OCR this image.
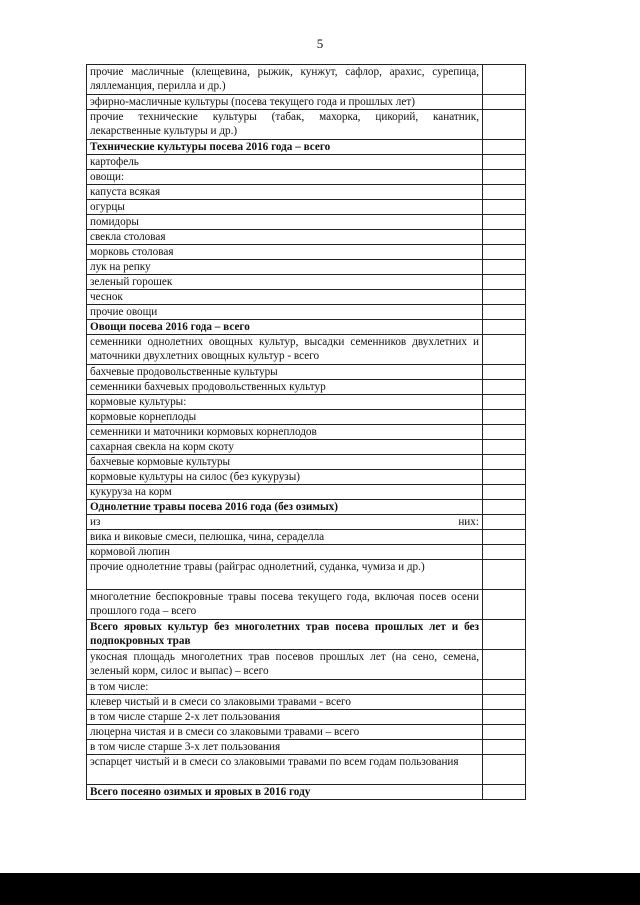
5
прочие масличные (клещевина, рыжик, кунжут, сафлор, арахис, сурепица, ляллеманция, перилла и др.)	
эфирно-масличные культуры (посева текущего года и прошлых лет)	
прочие технические культуры (табак, махорка, цикорий, канатник, лекарственные культуры и др.)	
Технические культуры посева 2016 года – всего	
картофель	
овощи:	
капуста всякая	
огурцы	
помидоры	
свекла столовая	
морковь столовая	
лук на репку	
зеленый горошек	
чеснок	
прочие овощи	
Овощи посева 2016 года – всего	
семенники однолетних овощных культур, высадки семенников двухлетних и маточники двухлетних овощных культур - всего	
бахчевые продовольственные культуры	
семенники бахчевых продовольственных культур	
кормовые культуры:	
кормовые корнеплоды	
семенники и маточники кормовых корнеплодов	
сахарная свекла на корм скоту	
бахчевые кормовые культуры	
кормовые культуры на силос (без кукурузы)	
кукуруза на корм	
Однолетние травы посева 2016 года (без озимых)	

из них:	

вика и виковые смеси, пелюшка, чина, сераделла	
кормовой люпин	
прочие однолетние травы (райграс однолетний, суданка, чумиза и др.)	
многолетние беспокровные травы посева текущего года, включая посев осени прошлого года – всего	
Всего яровых культур без многолетних трав посева прошлых лет и без подпокровных трав	
укосная площадь многолетних трав посевов прошлых лет (на сено, семена, зеленый корм, силос и выпас) – всего	
в том числе:	
клевер чистый и в смеси со злаковыми травами - всего	
в том числе старше 2-х лет пользования	
люцерна чистая и в смеси со злаковыми травами – всего	
в том числе старше 3-х лет пользования	
эспарцет чистый и в смеси со злаковыми травами по всем годам пользования	
Всего посеяно озимых и яровых в 2016 году	
